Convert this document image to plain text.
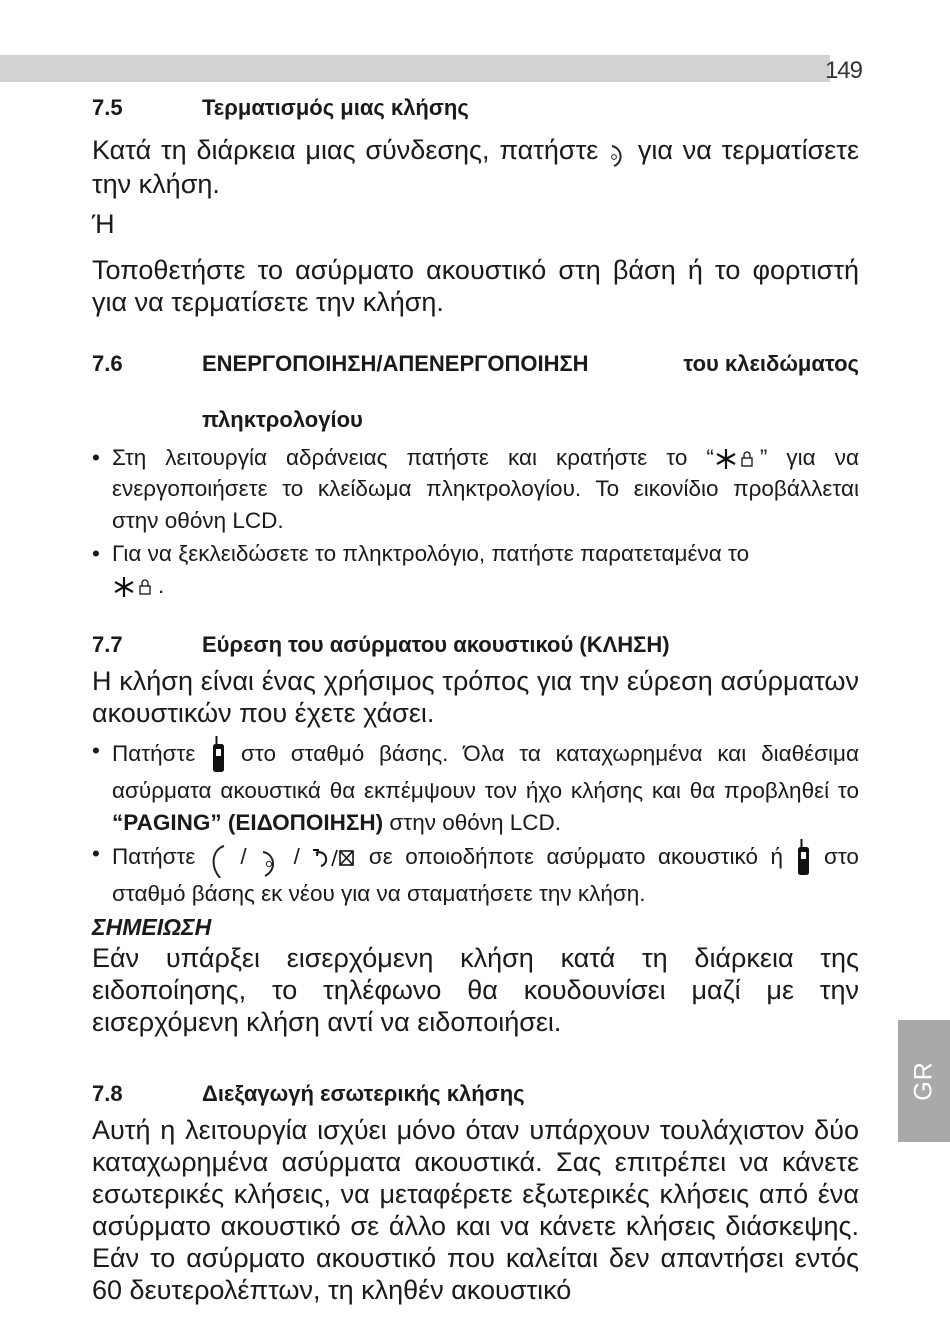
149
GR
7.5	Τερματισμός μιας κλήσης

Κατά τη διάρκεια μιας σύνδεσης, πατήστε για να τερματίσετε την κλήση.

Ή

Τοποθετήστε το ασύρματο ακουστικό στη βάση ή το φορτιστή για να τερματίσετε την κλήση.

7.6	ΕΝΕΡΓΟΠΟΙΗΣΗ/ΑΠΕΝΕΡΓΟΠΟΙΗΣΗ	του κλειδώματος
πληκτρολογίου
• Στη λειτουργία αδράνειας πατήστε και κρατήστε το “ ” για να ενεργοποιήσετε το κλείδωμα πληκτρολογίου. Το εικονίδιο προβάλλεται στην οθόνη LCD.
• Για να ξεκλειδώσετε το πληκτρολόγιο, πατήστε παρατεταμένα το
.
7.7	Εύρεση του ασύρματου ακουστικού (ΚΛΗΣΗ)

Η κλήση είναι ένας χρήσιμος τρόπος για την εύρεση ασύρματων ακουστικών που έχετε χάσει.

• Πατήστε στο σταθμό βάσης. Όλα τα καταχωρημένα και διαθέσιμα ασύρματα ακουστικά θα εκπέμψουν τον ήχο κλήσης και θα προβληθεί το “PAGING” (ΕΙΔΟΠΟΙΗΣΗ) στην οθόνη LCD.
• Πατήστε / /	σε οποιοδήποτε ασύρματο ακουστικό ή στο σταθμό βάσης εκ νέου για να σταματήσετε την κλήση.
ΣΗΜΕΙΩΣΗ

Εάν υπάρξει εισερχόμενη κλήση κατά τη διάρκεια της ειδοποίησης, το τηλέφωνο θα κουδουνίσει μαζί με την εισερχόμενη κλήση αντί να ειδοποιήσει.

7.8	Διεξαγωγή εσωτερικής κλήσης

Αυτή η λειτουργία ισχύει μόνο όταν υπάρχουν τουλάχιστον δύο καταχωρημένα ασύρματα ακουστικά. Σας επιτρέπει να κάνετε εσωτερικές κλήσεις, να μεταφέρετε εξωτερικές κλήσεις από ένα ασύρματο ακουστικό σε άλλο και να κάνετε κλήσεις διάσκεψης. Εάν το ασύρματο ακουστικό που καλείται δεν απαντήσει εντός 60 δευτερολέπτων, τη κληθέν ακουστικό
